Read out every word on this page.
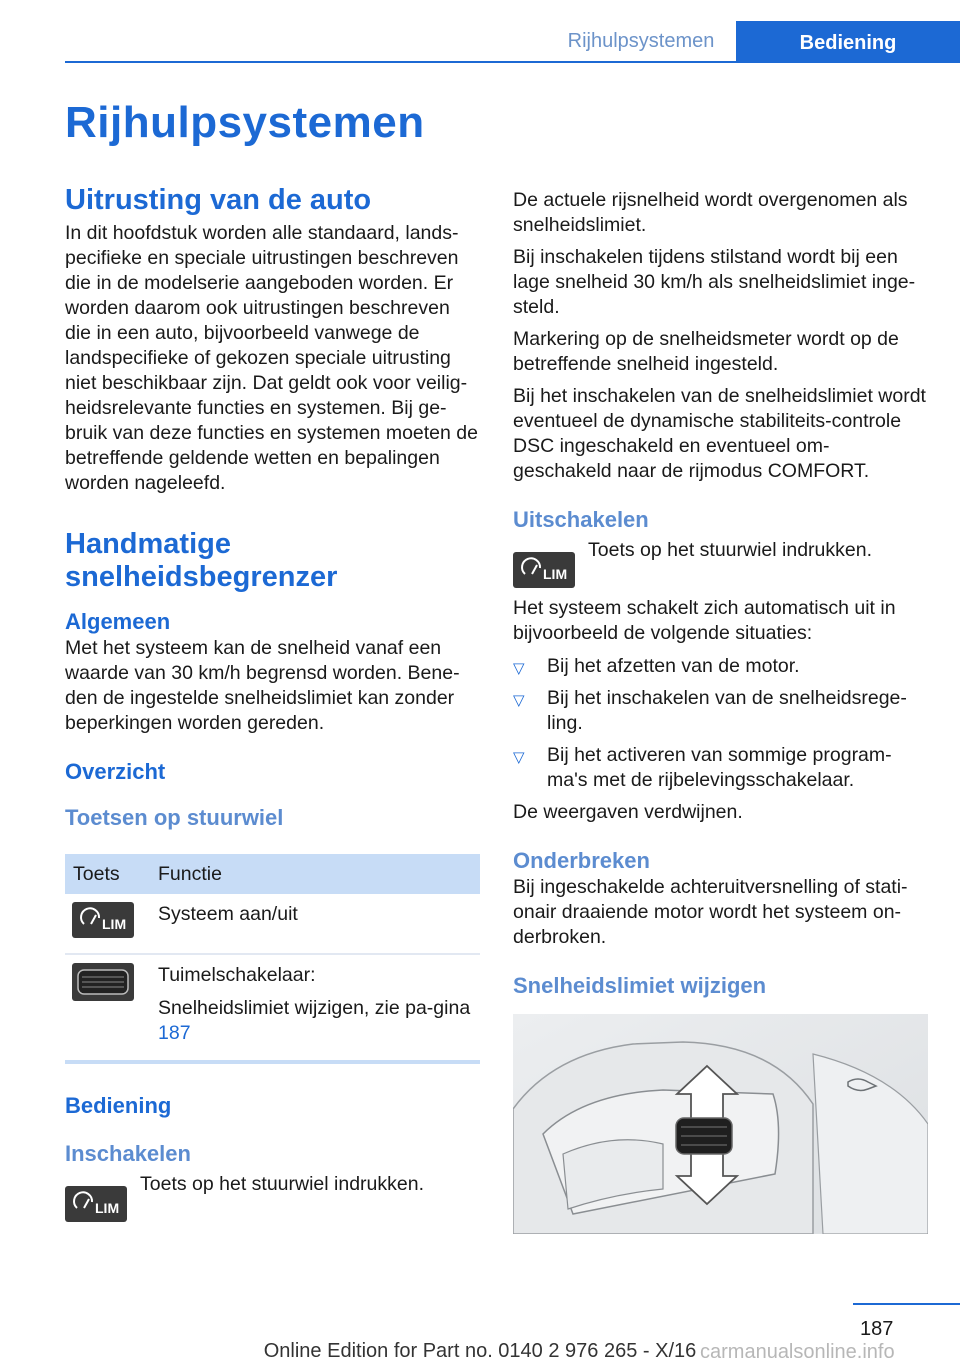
Rijhulpsystemen	Bediening
Rijhulpsystemen
Uitrusting van de auto

In dit hoofdstuk worden alle standaard, lands-pecifieke en speciale uitrustingen beschreven die in de modelserie aangeboden worden. Er worden daarom ook uitrustingen beschreven die in een auto, bijvoorbeeld vanwege de landspecifieke of gekozen speciale uitrusting niet beschikbaar zijn. Dat geldt ook voor veilig-heidsrelevante functies en systemen. Bij ge-bruik van deze functies en systemen moeten de betreffende geldende wetten en bepalingen worden nageleefd.

Handmatige
snelheidsbegrenzer
Algemeen

Met het systeem kan de snelheid vanaf een waarde van 30 km/h begrensd worden. Bene-den de ingestelde snelheidslimiet kan zonder beperkingen worden gereden.

Overzicht
Toetsen op stuurwiel
Toets	Functie

LIM	Systeem aan/uit

Tuimelschakelaar:
Snelheidslimiet wijzigen, zie pa-gina 187
Bediening
Inschakelen
LIM
Toets op het stuurwiel indrukken.

De actuele rijsnelheid wordt overgenomen als snelheidslimiet.

Bij inschakelen tijdens stilstand wordt bij een lage snelheid 30 km/h als snelheidslimiet inge-steld.

Markering op de snelheidsmeter wordt op de betreffende snelheid ingesteld.

Bij het inschakelen van de snelheidslimiet wordt eventueel de dynamische stabiliteits-controle DSC ingeschakeld en eventueel om-geschakeld naar de rijmodus COMFORT.

Uitschakelen
LIM
Toets op het stuurwiel indrukken.

Het systeem schakelt zich automatisch uit in bijvoorbeeld de volgende situaties:

▽ Bij het afzetten van de motor.
▽ Bij het inschakelen van de snelheidsrege-ling.
▽ Bij het activeren van sommige program-ma's met de rijbelevingsschakelaar.

De weergaven verdwijnen.

Onderbreken

Bij ingeschakelde achteruitversnelling of stati-onair draaiende motor wordt het systeem on-derbroken.

Snelheidslimiet wijzigen
187
Online Edition for Part no. 0140 2 976 265 - X/16 carmanualsonline.info
